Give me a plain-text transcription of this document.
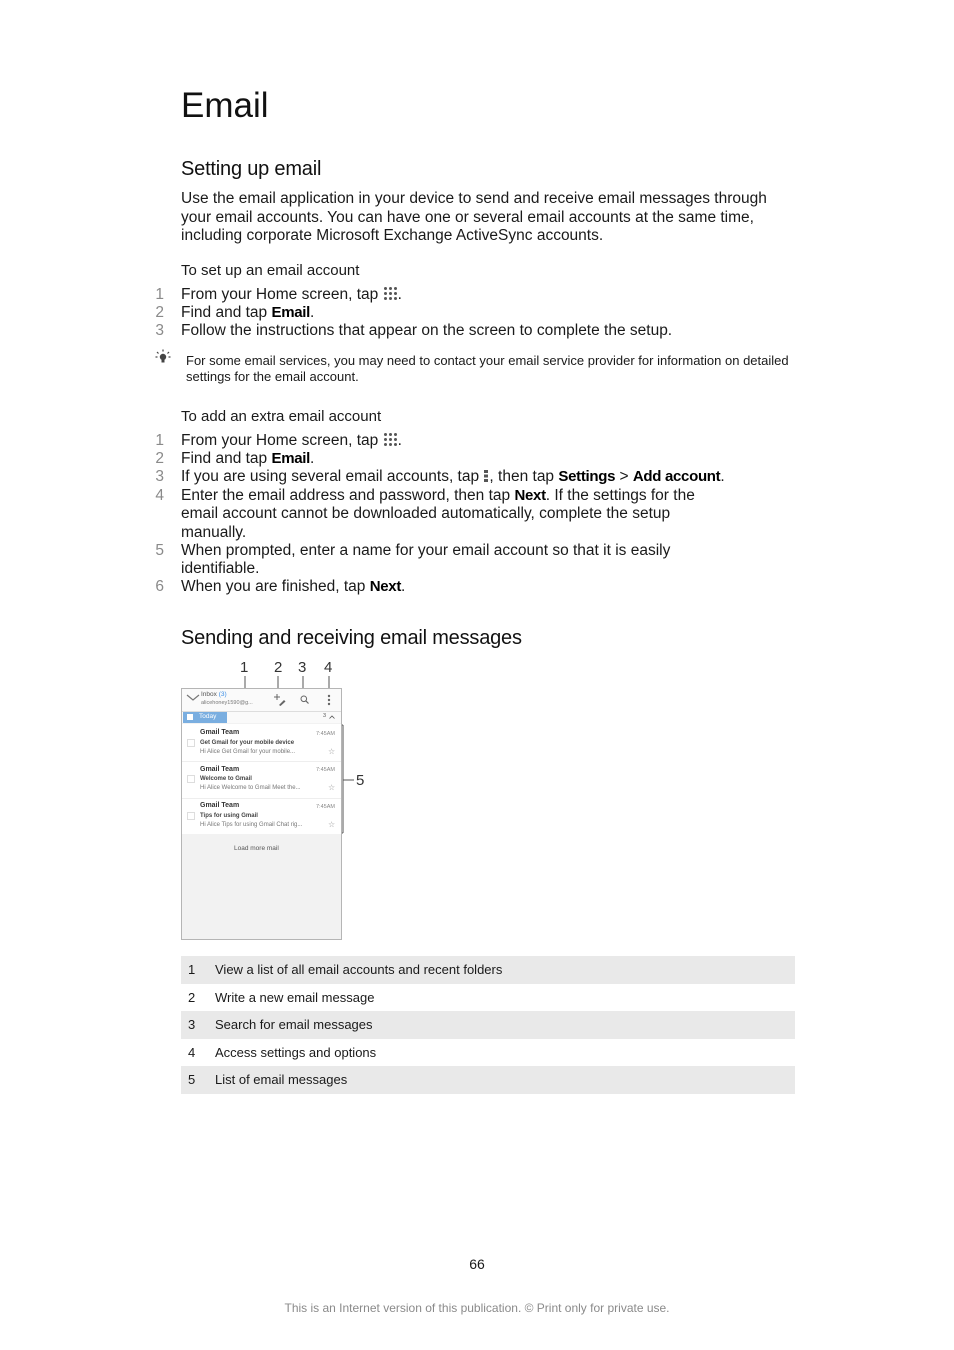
Email
Setting up email
Use the email application in your device to send and receive email messages through your email accounts. You can have one or several email accounts at the same time, including corporate Microsoft Exchange ActiveSync accounts.
To set up an email account
1 From your Home screen, tap .
2 Find and tap Email.
3 Follow the instructions that appear on the screen to complete the setup.
For some email services, you may need to contact your email service provider for information on detailed settings for the email account.
To add an extra email account
1 From your Home screen, tap .
2 Find and tap Email.
3 If you are using several email accounts, tap , then tap Settings > Add account.
4 Enter the email address and password, then tap Next. If the settings for the email account cannot be downloaded automatically, complete the setup manually.
5 When prompted, enter a name for your email account so that it is easily identifiable.
6 When you are finished, tap Next.
Sending and receiving email messages
1 2 3 4
5
Inbox (3)
alicehoney1590@g...
Today	3
Gmail Team	7:45AM
Get Gmail for your mobile device
Hi Alice Get Gmail for your mobile...	☆
Gmail Team	7:45AM
Welcome to Gmail
Hi Alice Welcome to Gmail Meet the...	☆
Gmail Team	7:45AM
Tips for using Gmail
Hi Alice Tips for using Gmail Chat rig...	☆
Load more mail
1 View a list of all email accounts and recent folders
2 Write a new email message
3 Search for email messages
4 Access settings and options
5 List of email messages
66
This is an Internet version of this publication. © Print only for private use.
